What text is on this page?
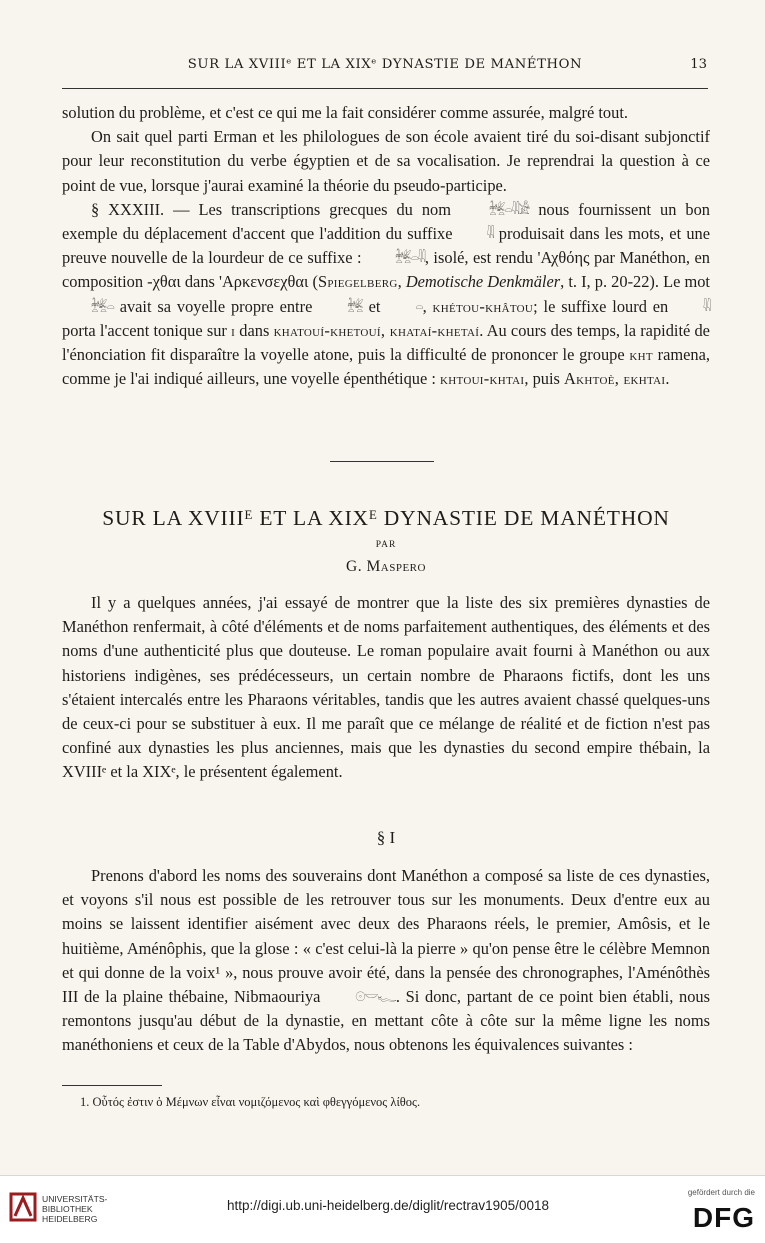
SUR LA XVIIIᵉ ET LA XIXᵉ DYNASTIE DE MANÉTHON	13

solution du problème, et c'est ce qui me la fait considérer comme assurée, malgré tout.

On sait quel parti Erman et les philologues de son école avaient tiré du soi-disant subjonctif pour leur reconstitution du verbe égyptien et de sa vocalisation. Je reprendrai la question à ce point de vue, lorsque j'aurai examiné la théorie du pseudo-participe.

§ XXXIII. — Les transcriptions grecques du nom	𓆥𓏏𓇋𓇋𓀀 nous fournissent un bon exemple du déplacement d'accent que l'addition du suffixe	𓇋𓇋 produisait dans les mots, et une preuve nouvelle de la lourdeur de ce suffixe :	𓆥𓏏𓇋𓇋, isolé, est rendu 'Αχθόης par Manéthon, en composition -χθαι dans 'Αρκενσεχθαι (Spiegelberg, Demotische Denkmäler, t. I, p. 20-22). Le mot 𓆥𓏏 avait sa voyelle propre entre	𓆥 et	𓏏, khétou-khâtou; le suffixe lourd en	𓇋𓇋 porta l'accent tonique sur i dans khatouí-khetouí, khataí-khetaí. Au cours des temps, la rapidité de l'énonciation fit disparaître la voyelle atone, puis la difficulté de prononcer le groupe kht ramena, comme je l'ai indiqué ailleurs, une voyelle épenthétique : khtoui-khtai, puis Akhtoè, ekhtai.

SUR LA XVIIIᴱ ET LA XIXᴱ DYNASTIE DE MANÉTHON
PAR
G. Maspero

Il y a quelques années, j'ai essayé de montrer que la liste des six premières dynasties de Manéthon renfermait, à côté d'éléments et de noms parfaitement authentiques, des éléments et des noms d'une authenticité plus que douteuse. Le roman populaire avait fourni à Manéthon ou aux historiens indigènes, ses prédécesseurs, un certain nombre de Pharaons fictifs, dont les uns s'étaient intercalés entre les Pharaons véritables, tandis que les autres avaient chassé quelques-uns de ceux-ci pour se substituer à eux. Il me paraît que ce mélange de réalité et de fiction n'est pas confiné aux dynasties les plus anciennes, mais que les dynasties du second empire thébain, la XVIIIᵉ et la XIXᵉ, le présentent également.

§ I

Prenons d'abord les noms des souverains dont Manéthon a composé sa liste de ces dynasties, et voyons s'il nous est possible de les retrouver tous sur les monuments. Deux d'entre eux au moins se laissent identifier aisément avec deux des Pharaons réels, le premier, Amôsis, et le huitième, Aménôphis, que la glose : « c'est celui-là la pierre » qu'on pense être le célèbre Memnon et qui donne de la voix¹ », nous prouve avoir été, dans la pensée des chronographes, l'Aménôthès III de la plaine thébaine, Nibmaouriya	𓇳𓎟𓆑. Si donc, partant de ce point bien établi, nous remontons jusqu'au début de la dynastie, en mettant côte à côte sur la même ligne les noms manéthoniens et ceux de la Table d'Abydos, nous obtenons les équivalences suivantes :

1. Οὗτός ἐστιν ὁ Μέμνων εἶναι νομιζόμενος καὶ φθεγγόμενος λίθος.
UNIVERSITÄTS-
BIBLIOTHEK
HEIDELBERG
http://digi.ub.uni-heidelberg.de/diglit/rectrav1905/0018
gefördert durch die
DFG
